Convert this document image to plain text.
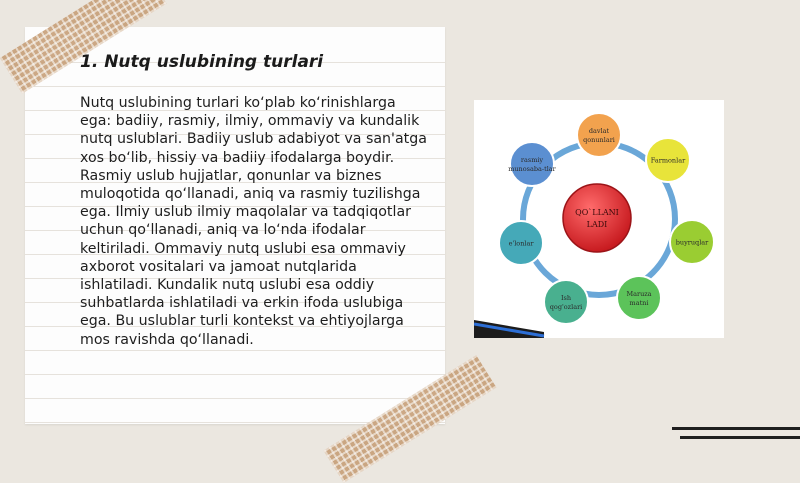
1. Nutq uslubining turlari

Nutq uslubining turlari ko‘plab ko‘rinishlarga ega: badiiy, rasmiy, ilmiy, ommaviy va kundalik nutq uslublari. Badiiy uslub adabiyot va san'atga xos bo‘lib, hissiy va badiiy ifodalarga boydir. Rasmiy uslub hujjatlar, qonunlar va biznes muloqotida qo‘llanadi, aniq va rasmiy tuzilishga ega. Ilmiy uslub ilmiy maqolalar va tadqiqotlar uchun qo‘llanadi, aniq va lo‘nda ifodalar keltiriladi. Ommaviy nutq uslubi esa ommaviy axborot vositalari va jamoat nutqlarida ishlatiladi. Kundalik nutq uslubi esa oddiy suhbatlarda ishlatiladi va erkin ifoda uslubiga ega. Bu uslublar turli kontekst va ehtiyojlarga mos ravishda qo‘llanadi.

davlat
qonunlari
Farmonlar
buyruqlar
Maruza
matni
Ish
qog'ozlari
e'lonlar
rasmiy
munosaba-tlar
QO`LLANI
LADI
